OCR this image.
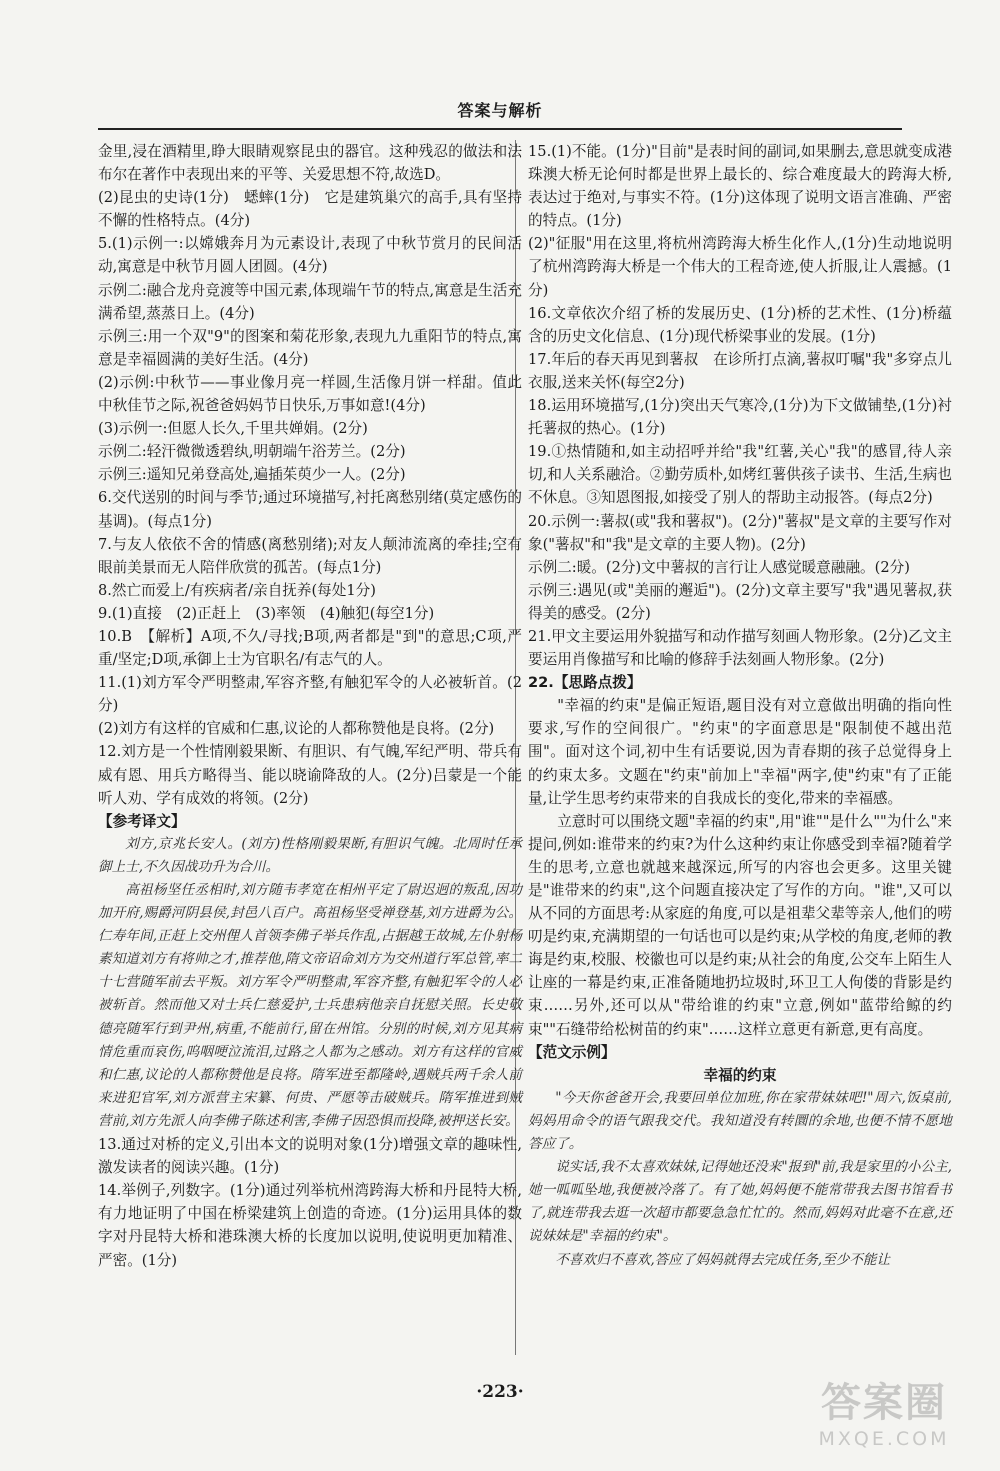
答案与解析

金里,浸在酒精里,睁大眼睛观察昆虫的器官。这种残忍的做法和法布尔在著作中表现出来的平等、关爱思想不符,故选D。

(2)昆虫的史诗(1分)　蟋蟀(1分)　它是建筑巢穴的高手,具有坚持不懈的性格特点。(4分)

5.(1)示例一:以嫦娥奔月为元素设计,表现了中秋节赏月的民间活动,寓意是中秋节月圆人团圆。(4分)

示例二:融合龙舟竞渡等中国元素,体现端午节的特点,寓意是生活充满希望,蒸蒸日上。(4分)

示例三:用一个双"9"的图案和菊花形象,表现九九重阳节的特点,寓意是幸福圆满的美好生活。(4分)

(2)示例:中秋节——事业像月亮一样圆,生活像月饼一样甜。值此中秋佳节之际,祝爸爸妈妈节日快乐,万事如意!(4分)

(3)示例一:但愿人长久,千里共婵娟。(2分)

示例二:轻汗微微透碧纨,明朝端午浴芳兰。(2分)

示例三:遥知兄弟登高处,遍插茱萸少一人。(2分)

6.交代送别的时间与季节;通过环境描写,衬托离愁别绪(莫定感伤的基调)。(每点1分)

7.与友人依依不舍的情感(离愁别绪);对友人颠沛流离的牵挂;空有眼前美景而无人陪伴欣赏的孤苦。(每点1分)

8.然亡而爱上/有疾病者/亲自抚养(每处1分)

9.(1)直接　(2)正赶上　(3)率领　(4)触犯(每空1分)

10.B　【解析】A项,不久/寻找;B项,两者都是"到"的意思;C项,严重/坚定;D项,承御上士为官职名/有志气的人。

11.(1)刘方军令严明整肃,军容齐整,有触犯军令的人必被斩首。(2分)

(2)刘方有这样的官威和仁惠,议论的人都称赞他是良将。(2分)

12.刘方是一个性情刚毅果断、有胆识、有气魄,军纪严明、带兵有威有恩、用兵方略得当、能以晓谕降敌的人。(2分)吕蒙是一个能听人劝、学有成效的将领。(2分)

【参考译文】

刘方,京兆长安人。(刘方)性格刚毅果断,有胆识气魄。北周时任承御上士,不久因战功升为合川。

高祖杨坚任丞相时,刘方随韦孝宽在相州平定了尉迟迥的叛乱,因功加开府,赐爵河阴县侯,封邑八百户。高祖杨坚受禅登基,刘方进爵为公。仁寿年间,正赶上交州俚人首领李佛子举兵作乱,占据越王故城,左仆射杨素知道刘方有将帅之才,推荐他,隋文帝诏命刘方为交州道行军总管,率二十七营随军前去平叛。刘方军令严明整肃,军容齐整,有触犯军令的人必被斩首。然而他又对士兵仁慈爱护,士兵患病他亲自抚慰关照。长史敬德亮随军行到尹州,病重,不能前行,留在州馆。分别的时候,刘方见其病情危重而哀伤,呜咽哽泣流泪,过路之人都为之感动。刘方有这样的官威和仁惠,议论的人都称赞他是良将。隋军进至都隆岭,遇贼兵两千余人前来进犯官军,刘方派营主宋纂、何贵、严愿等击破贼兵。隋军推进到贼营前,刘方先派人向李佛子陈述利害,李佛子因恐惧而投降,被押送长安。

13.通过对桥的定义,引出本文的说明对象(1分)增强文章的趣味性,激发读者的阅读兴趣。(1分)

14.举例子,列数字。(1分)通过列举杭州湾跨海大桥和丹昆特大桥,有力地证明了中国在桥梁建筑上创造的奇迹。(1分)运用具体的数字对丹昆特大桥和港珠澳大桥的长度加以说明,使说明更加精准、严密。(1分)

15.(1)不能。(1分)"目前"是表时间的副词,如果删去,意思就变成港珠澳大桥无论何时都是世界上最长的、综合难度最大的跨海大桥,表达过于绝对,与事实不符。(1分)这体现了说明文语言准确、严密的特点。(1分)

(2)"征服"用在这里,将杭州湾跨海大桥生化作人,(1分)生动地说明了杭州湾跨海大桥是一个伟大的工程奇迹,使人折服,让人震撼。(1分)

16.文章依次介绍了桥的发展历史、(1分)桥的艺术性、(1分)桥蕴含的历史文化信息、(1分)现代桥梁事业的发展。(1分)

17.年后的春天再见到薯叔　在诊所打点滴,薯叔叮嘱"我"多穿点儿衣服,送来关怀(每空2分)

18.运用环境描写,(1分)突出天气寒冷,(1分)为下文做铺垫,(1分)衬托薯叔的热心。(1分)

19.①热情随和,如主动招呼并给"我"红薯,关心"我"的感冒,待人亲切,和人关系融洽。②勤劳质朴,如烤红薯供孩子读书、生活,生病也不休息。③知恩图报,如接受了别人的帮助主动报答。(每点2分)

20.示例一:薯叔(或"我和薯叔")。(2分)"薯叔"是文章的主要写作对象("薯叔"和"我"是文章的主要人物)。(2分)

示例二:暖。(2分)文中薯叔的言行让人感觉暖意融融。(2分)

示例三:遇见(或"美丽的邂逅")。(2分)文章主要写"我"遇见薯叔,获得美的感受。(2分)

21.甲文主要运用外貌描写和动作描写刻画人物形象。(2分)乙文主要运用肖像描写和比喻的修辞手法刻画人物形象。(2分)

22.【思路点拨】

"幸福的约束"是偏正短语,题目没有对立意做出明确的指向性要求,写作的空间很广。"约束"的字面意思是"限制使不越出范围"。面对这个词,初中生有话要说,因为青春期的孩子总觉得身上的约束太多。文题在"约束"前加上"幸福"两字,使"约束"有了正能量,让学生思考约束带来的自我成长的变化,带来的幸福感。

立意时可以围绕文题"幸福的约束",用"谁""是什么""为什么"来提问,例如:谁带来的约束?为什么这种约束让你感受到幸福?随着学生的思考,立意也就越来越深远,所写的内容也会更多。这里关键是"谁带来的约束",这个问题直接决定了写作的方向。"谁",又可以从不同的方面思考:从家庭的角度,可以是祖辈父辈等亲人,他们的唠叨是约束,充满期望的一句话也可以是约束;从学校的角度,老师的教诲是约束,校服、校徽也可以是约束;从社会的角度,公交车上陌生人让座的一幕是约束,正准备随地扔垃圾时,环卫工人佝偻的背影是约束……另外,还可以从"带给谁的约束"立意,例如"蓝带给鲸的约束""石缝带给松树苗的约束"……这样立意更有新意,更有高度。

【范文示例】

幸福的约束

"今天你爸爸开会,我要回单位加班,你在家带妹妹吧!"周六,饭桌前,妈妈用命令的语气跟我交代。我知道没有转圜的余地,也便不情不愿地答应了。

说实话,我不太喜欢妹妹,记得她还没来"报到"前,我是家里的小公主,她一呱呱坠地,我便被冷落了。有了她,妈妈便不能常带我去图书馆看书了,就连带我去逛一次超市都要急急忙忙的。然而,妈妈对此毫不在意,还说妹妹是"幸福的约束"。

不喜欢归不喜欢,答应了妈妈就得去完成任务,至少不能让

·223·	答案圈
MXQE.COM
